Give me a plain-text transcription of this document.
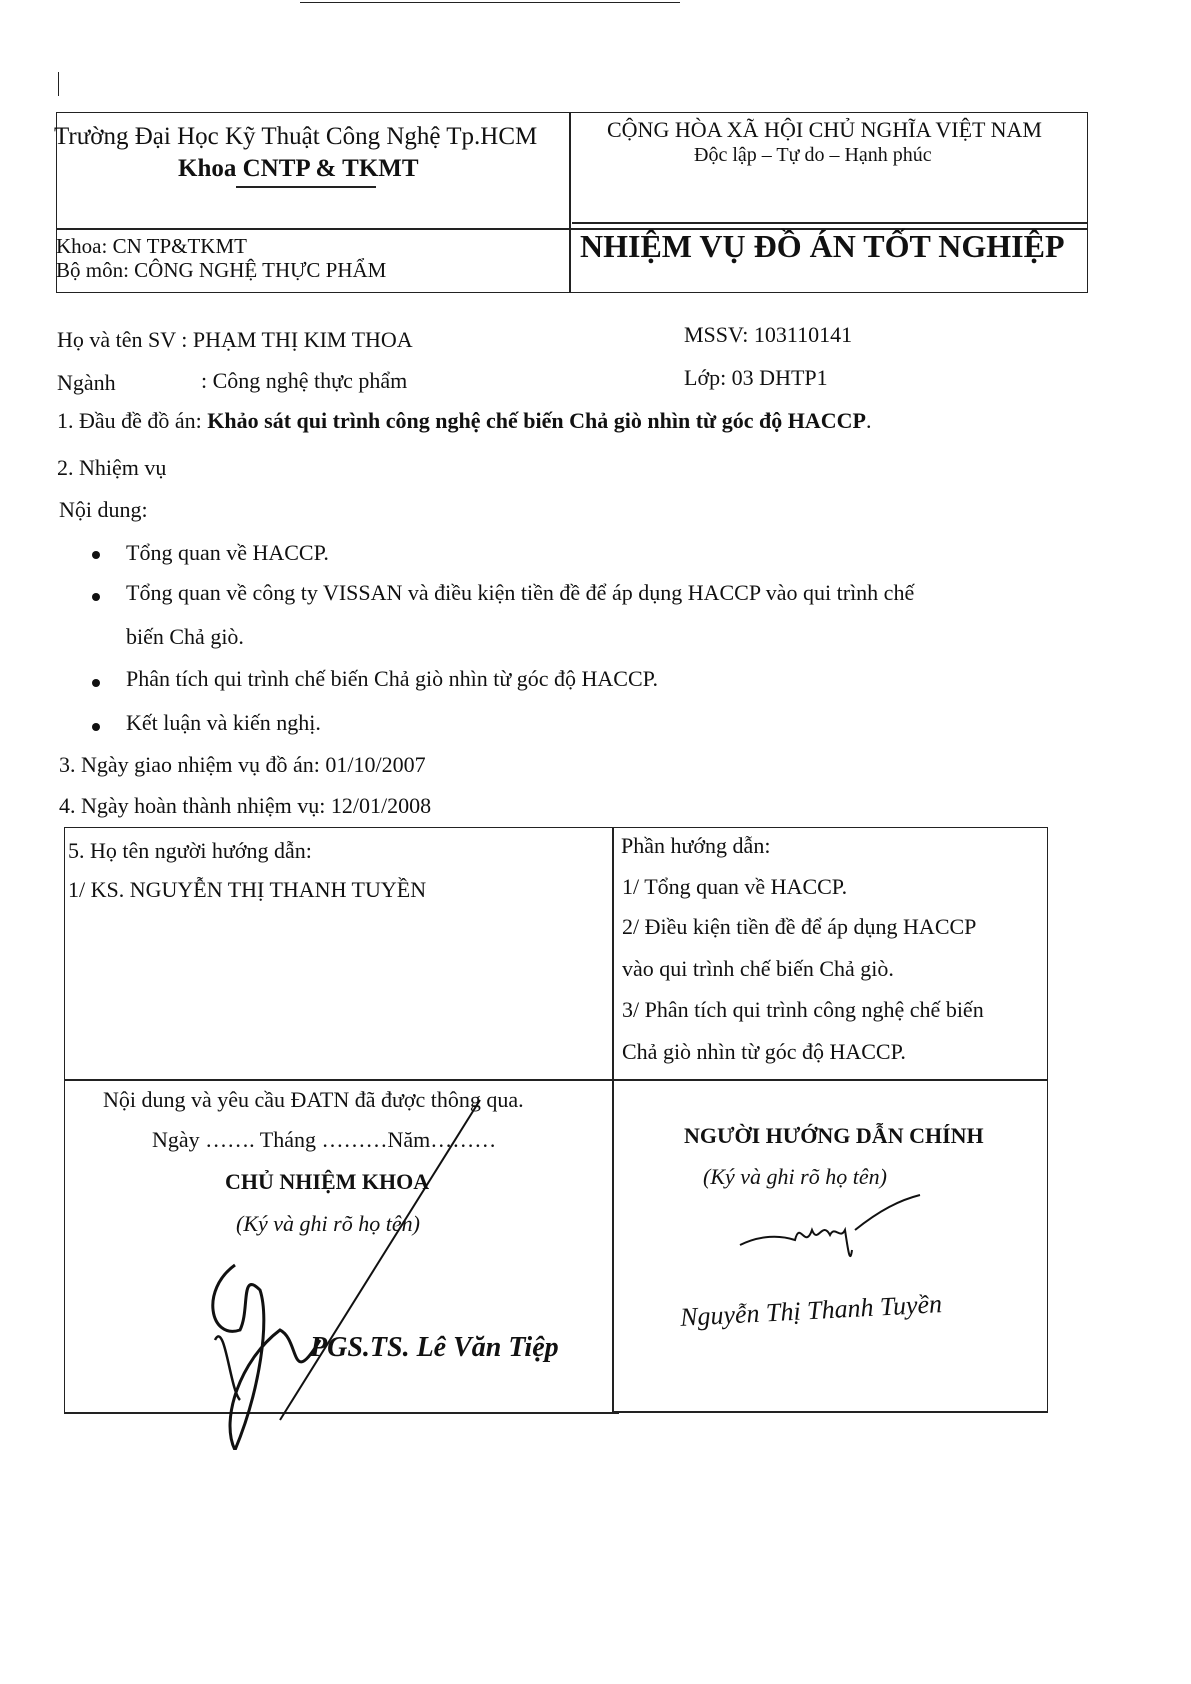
Trường Đại Học Kỹ Thuật Công Nghệ Tp.HCM
Khoa CNTP & TKMT
CỘNG HÒA XÃ HỘI CHỦ NGHĨA VIỆT NAM
Độc lập – Tự do – Hạnh phúc
Khoa: CN TP&TKMT
Bộ môn: CÔNG NGHỆ THỰC PHẨM
NHIỆM VỤ ĐỒ ÁN TỐT NGHIỆP
Họ và tên SV : PHẠM THỊ KIM THOA	MSSV: 103110141
Ngành	: Công nghệ thực phẩm	Lớp: 03 DHTP1
1. Đầu đề đồ án: Khảo sát qui trình công nghệ chế biến Chả giò nhìn từ góc độ HACCP.
2. Nhiệm vụ
Nội dung:
Tổng quan về HACCP.
Tổng quan về công ty VISSAN và điều kiện tiền đề để áp dụng HACCP vào qui trình chế
biến Chả giò.
Phân tích qui trình chế biến Chả giò nhìn từ góc độ HACCP.
Kết luận và kiến nghị.
3. Ngày giao nhiệm vụ đồ án: 01/10/2007
4. Ngày hoàn thành nhiệm vụ: 12/01/2008
5. Họ tên người hướng dẫn:
1/ KS. NGUYỄN THỊ THANH TUYỀN
Phần hướng dẫn:
1/ Tổng quan về HACCP.
2/ Điều kiện tiền đề để áp dụng HACCP
vào qui trình chế biến Chả giò.
3/ Phân tích qui trình công nghệ chế biến
Chả giò nhìn từ góc độ HACCP.
Nội dung và yêu cầu ĐATN đã được thông qua.
Ngày ……. Tháng ………Năm………
CHỦ NHIỆM KHOA
(Ký và ghi rõ họ tên)
PGS.TS. Lê Văn Tiệp
NGƯỜI HƯỚNG DẪN CHÍNH
(Ký và ghi rõ họ tên)
Nguyễn Thị Thanh Tuyền
